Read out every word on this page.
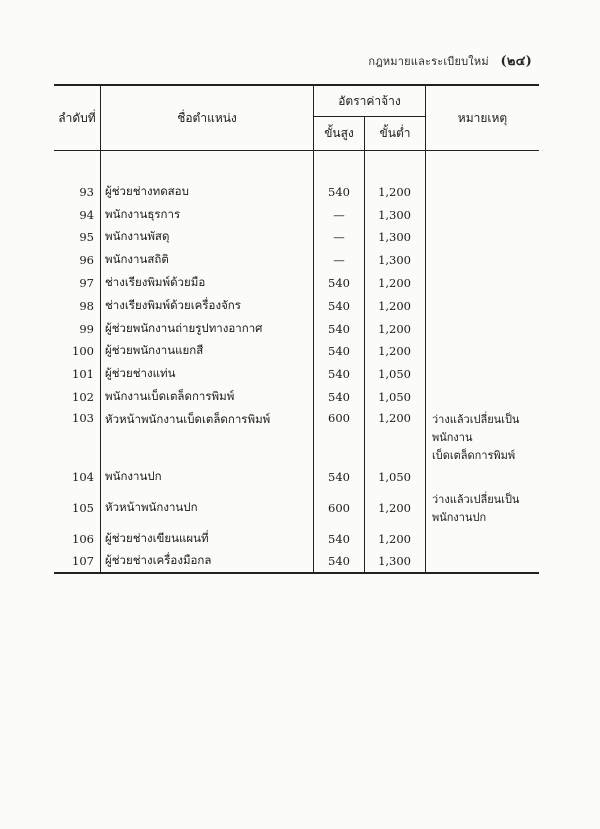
กฎหมายและระเบียบใหม่ (๒๔)
ลำดับที่	ชื่อตำแหน่ง	อัตราค่าจ้าง		หมายเหตุ
		ขั้นสูง	ขั้นต่ำ	

93	ผู้ช่วยช่างทดสอบ	540	1,200	
94	พนักงานธุรการ	—	1,300	
95	พนักงานพัสดุ	—	1,300	
96	พนักงานสถิติ	—	1,300	
97	ช่างเรียงพิมพ์ด้วยมือ	540	1,200	
98	ช่างเรียงพิมพ์ด้วยเครื่องจักร	540	1,200	
99	ผู้ช่วยพนักงานถ่ายรูปทางอากาศ	540	1,200	
100	ผู้ช่วยพนักงานแยกสี	540	1,200	
101	ผู้ช่วยช่างแท่น	540	1,050	
102	พนักงานเบ็ดเตล็ดการพิมพ์	540	1,050	
103	หัวหน้าพนักงานเบ็ดเตล็ดการพิมพ์	600	1,200	ว่างแล้วเปลี่ยนเป็นพนักงาน
เบ็ดเตล็ดการพิมพ์
104	พนักงานปก	540	1,050	
105	หัวหน้าพนักงานปก	600	1,200	ว่างแล้วเปลี่ยนเป็นพนักงานปก
106	ผู้ช่วยช่างเขียนแผนที่	540	1,200	
107	ผู้ช่วยช่างเครื่องมือกล	540	1,300	
